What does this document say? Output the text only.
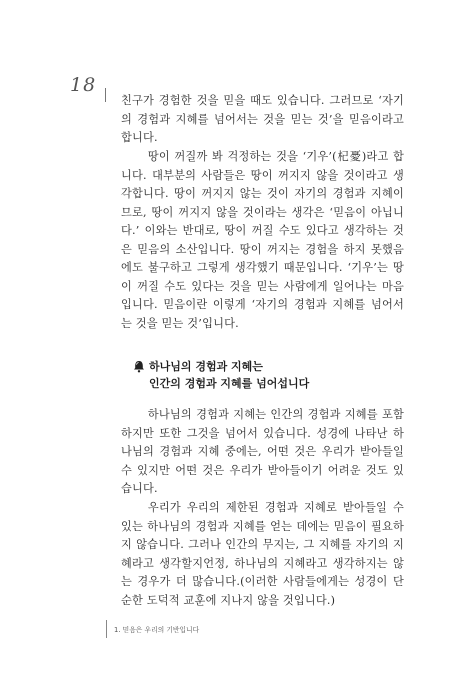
18

친구가 경험한 것을 믿을 때도 있습니다. 그러므로 ‘자기의 경험과 지혜를 넘어서는 것을 믿는 것’을 믿음이라고 합니다.

땅이 꺼질까 봐 걱정하는 것을 ‘기우’(杞憂)라고 합니다. 대부분의 사람들은 땅이 꺼지지 않을 것이라고 생각합니다. 땅이 꺼지지 않는 것이 자기의 경험과 지혜이므로, 땅이 꺼지지 않을 것이라는 생각은 ‘믿음이 아닙니다.’ 이와는 반대로, 땅이 꺼질 수도 있다고 생각하는 것은 믿음의 소산입니다. 땅이 꺼지는 경험을 하지 못했음에도 불구하고 그렇게 생각했기 때문입니다. ‘기우’는 땅이 꺼질 수도 있다는 것을 믿는 사람에게 일어나는 마음입니다. 믿음이란 이렇게 ‘자기의 경험과 지혜를 넘어서는 것을 믿는 것’입니다.

하나님의 경험과 지혜는
인간의 경험과 지혜를 넘어섭니다

하나님의 경험과 지혜는 인간의 경험과 지혜를 포함하지만 또한 그것을 넘어서 있습니다. 성경에 나타난 하나님의 경험과 지혜 중에는, 어떤 것은 우리가 받아들일 수 있지만 어떤 것은 우리가 받아들이기 어려운 것도 있습니다.

우리가 우리의 제한된 경험과 지혜로 받아들일 수 있는 하나님의 경험과 지혜를 얻는 데에는 믿음이 필요하지 않습니다. 그러나 인간의 무지는, 그 지혜를 자기의 지혜라고 생각할지언정, 하나님의 지혜라고 생각하지는 않는 경우가 더 많습니다.(이러한 사람들에게는 성경이 단순한 도덕적 교훈에 지나지 않을 것입니다.)

1. 믿음은 우리의 기반입니다
